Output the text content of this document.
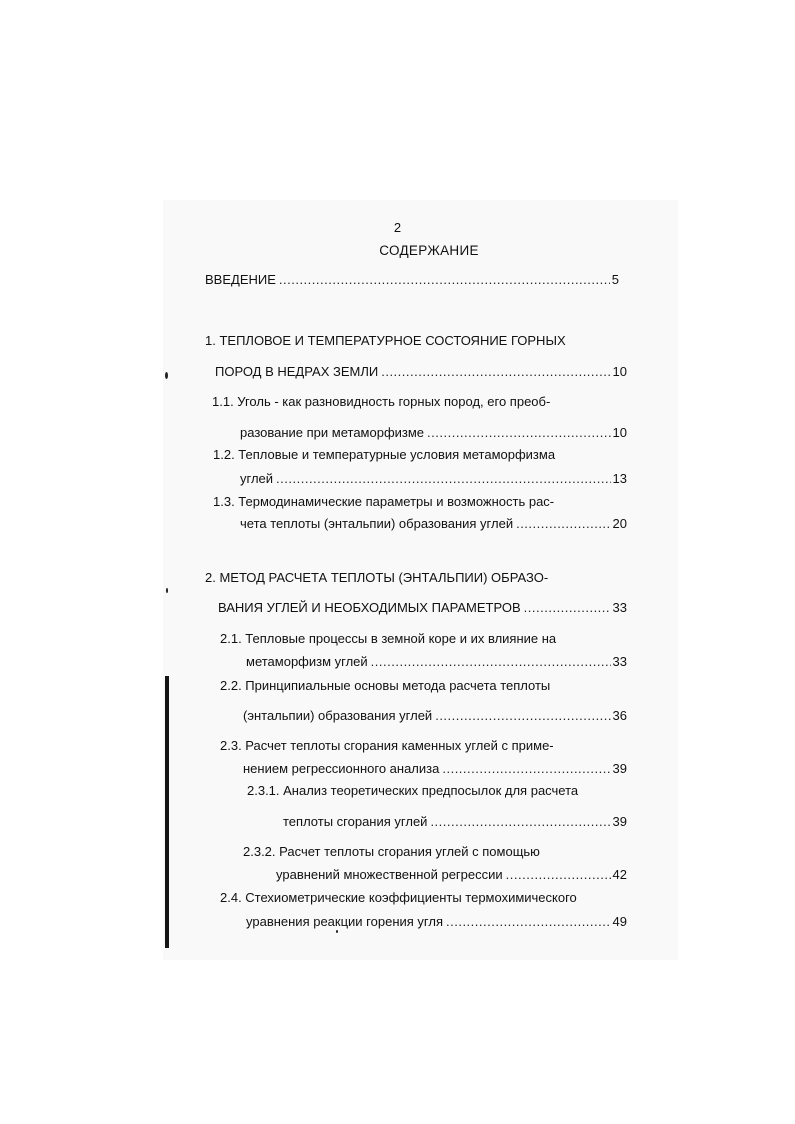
2
СОДЕРЖАНИЕ
ВВЕДЕНИЕ .....	5
1. ТЕПЛОВОЕ И ТЕМПЕРАТУРНОЕ СОСТОЯНИЕ ГОРНЫХ
ПОРОД В НЕДРАХ ЗЕМЛИ .....	10
1.1. Уголь - как разновидность горных пород, его преоб-
разование при метаморфизме .....	10
1.2. Тепловые и температурные условия метаморфизма
углей .....	13
1.3. Термодинамические параметры и возможность рас-
чета теплоты (энтальпии) образования углей .....	20
2. МЕТОД РАСЧЕТА ТЕПЛОТЫ (ЭНТАЛЬПИИ) ОБРАЗО-
ВАНИЯ УГЛЕЙ И НЕОБХОДИМЫХ ПАРАМЕТРОВ .....	33
2.1. Тепловые процессы в земной коре и их влияние на
метаморфизм углей .....	33
2.2. Принципиальные основы метода расчета теплоты
(энтальпии) образования углей .....	36
2.3. Расчет теплоты сгорания каменных углей с приме-
нением регрессионного анализа .....	39
2.3.1. Анализ теоретических предпосылок для расчета
теплоты сгорания углей .....	39
2.3.2. Расчет теплоты сгорания углей с помощью
уравнений множественной регрессии .....	42
2.4. Стехиометрические коэффициенты термохимического
уравнения реакции горения угля .....	49
